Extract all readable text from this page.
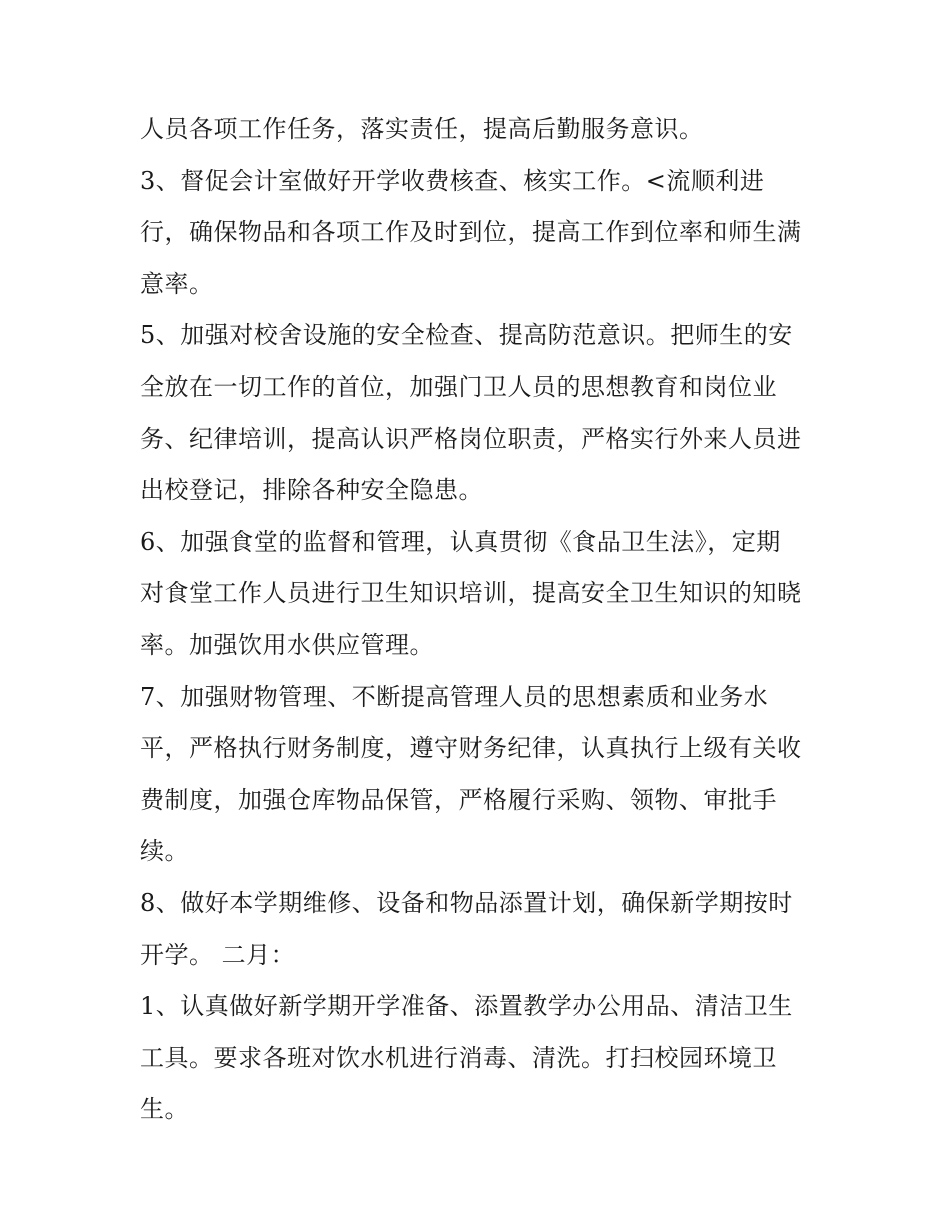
人员各项工作任务，落实责任，提高后勤服务意识。
3、督促会计室做好开学收费核查、核实工作。<流顺利进
行，确保物品和各项工作及时到位，提高工作到位率和师生满
意率。
5、加强对校舍设施的安全检查、提高防范意识。把师生的安
全放在一切工作的首位，加强门卫人员的思想教育和岗位业
务、纪律培训，提高认识严格岗位职责，严格实行外来人员进
出校登记，排除各种安全隐患。
6、加强食堂的监督和管理，认真贯彻《食品卫生法》，定期
对食堂工作人员进行卫生知识培训，提高安全卫生知识的知晓
率。加强饮用水供应管理。
7、加强财物管理、不断提高管理人员的思想素质和业务水
平，严格执行财务制度，遵守财务纪律，认真执行上级有关收
费制度，加强仓库物品保管，严格履行采购、领物、审批手
续。
8、做好本学期维修、设备和物品添置计划，确保新学期按时
开学。 二月：
1、认真做好新学期开学准备、添置教学办公用品、清洁卫生
工具。要求各班对饮水机进行消毒、清洗。打扫校园环境卫
生。
